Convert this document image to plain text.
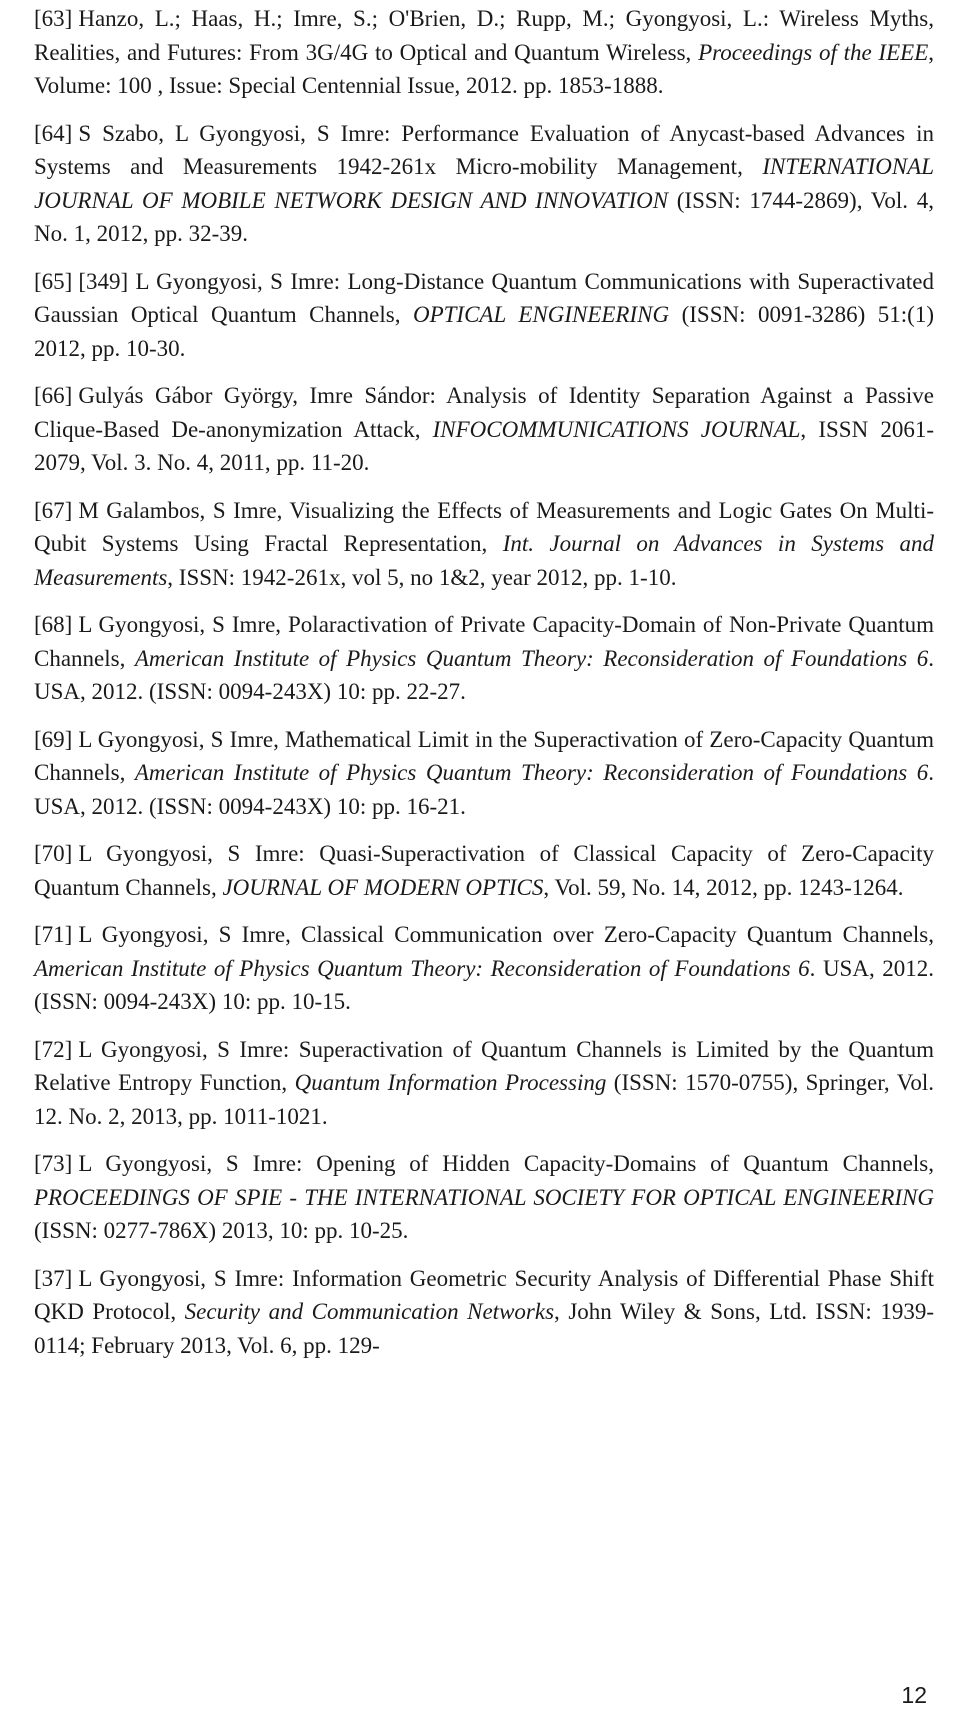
[63] Hanzo, L.; Haas, H.; Imre, S.; O'Brien, D.; Rupp, M.; Gyongyosi, L.: Wireless Myths, Realities, and Futures: From 3G/4G to Optical and Quantum Wireless, Proceedings of the IEEE, Volume: 100 , Issue: Special Centennial Issue, 2012. pp. 1853-1888.

[64] S Szabo, L Gyongyosi, S Imre: Performance Evaluation of Anycast-based Advances in Systems and Measurements 1942-261x Micro-mobility Management, INTERNATIONAL JOURNAL OF MOBILE NETWORK DESIGN AND INNOVATION (ISSN: 1744-2869), Vol. 4, No. 1, 2012, pp. 32-39.

[65] [349] L Gyongyosi, S Imre: Long-Distance Quantum Communications with Superactivated Gaussian Optical Quantum Channels, OPTICAL ENGINEERING (ISSN: 0091-3286) 51:(1) 2012, pp. 10-30.

[66] Gulyás Gábor György, Imre Sándor: Analysis of Identity Separation Against a Passive Clique-Based De-anonymization Attack, INFOCOMMUNICATIONS JOURNAL, ISSN 2061-2079, Vol. 3. No. 4, 2011, pp. 11-20.

[67] M Galambos, S Imre, Visualizing the Effects of Measurements and Logic Gates On Multi-Qubit Systems Using Fractal Representation, Int. Journal on Advances in Systems and Measurements, ISSN: 1942-261x, vol 5, no 1&2, year 2012, pp. 1-10.

[68] L Gyongyosi, S Imre, Polaractivation of Private Capacity-Domain of Non-Private Quantum Channels, American Institute of Physics Quantum Theory: Reconsideration of Foundations 6. USA, 2012. (ISSN: 0094-243X) 10: pp. 22-27.

[69] L Gyongyosi, S Imre, Mathematical Limit in the Superactivation of Zero-Capacity Quantum Channels, American Institute of Physics Quantum Theory: Reconsideration of Foundations 6. USA, 2012. (ISSN: 0094-243X) 10: pp. 16-21.

[70] L Gyongyosi, S Imre: Quasi-Superactivation of Classical Capacity of Zero-Capacity Quantum Channels, JOURNAL OF MODERN OPTICS, Vol. 59, No. 14, 2012, pp. 1243-1264.

[71] L Gyongyosi, S Imre, Classical Communication over Zero-Capacity Quantum Channels, American Institute of Physics Quantum Theory: Reconsideration of Foundations 6. USA, 2012. (ISSN: 0094-243X) 10: pp. 10-15.

[72] L Gyongyosi, S Imre: Superactivation of Quantum Channels is Limited by the Quantum Relative Entropy Function, Quantum Information Processing (ISSN: 1570-0755), Springer, Vol. 12. No. 2, 2013, pp. 1011-1021.

[73] L Gyongyosi, S Imre: Opening of Hidden Capacity-Domains of Quantum Channels, PROCEEDINGS OF SPIE - THE INTERNATIONAL SOCIETY FOR OPTICAL ENGINEERING (ISSN: 0277-786X) 2013, 10: pp. 10-25.

[37] L Gyongyosi, S Imre: Information Geometric Security Analysis of Differential Phase Shift QKD Protocol, Security and Communication Networks, John Wiley & Sons, Ltd. ISSN: 1939-0114; February 2013, Vol. 6, pp. 129-

12
